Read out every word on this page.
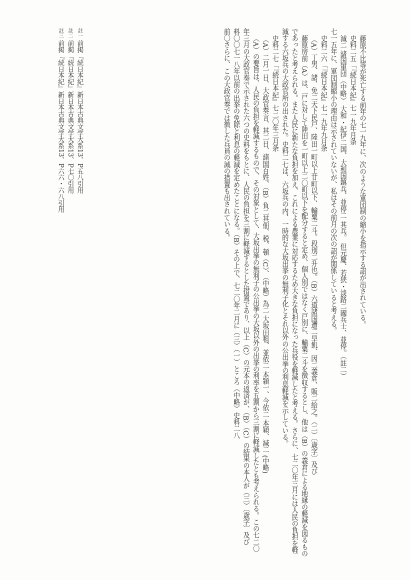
藤原不比等が死亡する前年の七一九年に、次のような軍団制の縮小を指示する詔が出されている。

史料二五「『続日本紀』七一九年月条

減二 諸国軍団（中略） 大和・紀伊二国、大和国鎮兵、並停二 其兵。 但元慶、若狭・淡路二國兵士、並停。（註二）

七一五年に、軍団制縮小の理由は示されていないが、私はその前月の次の詔が関係していると考える。

史料二六「『続日本紀』七一九年九月条

（A）丁男、諸、免二天下民戸、陸田一町以上廿町以下、輸粟二斗。段別二升也。（B）六道諸国遭二旱飢、因二義倉、販二給之。（二）〔歳字〕及び

藤原房前（A）は、戸に対して陸田を一町以上二〇町以下を配分すると定め、個人別ではなく戸別に、輸粟二斗を徴収するとし、他は（B）の義倉による地縁の軽減を図るものであったと考えられる。また人民に新たな負担を加え、これによる農業に対応するため大きな負担になった兵役を軽減したと考える。さらに、七二〇年三月には人民の負担を軽減する六坂兵の大政官所の出された。史料二七は、六坂兵の内、一時的な大坂出挙の無利子化とそれ以外の公出挙の利息軽減を示している。

史料二七「『続日本紀』七二〇年三月条

（A）二月一日、大政官奏言、其二日、諸国百姓、（B）負二其佃、税、頓（C）、（中略）為二 大坂田租、並依二 本穎一、今依二 本穎、減二 (中略)

（A）の要旨は、人民の負担を軽減するもので、その対象として、大坂出挙の無利子の公出挙の大坂以外の出挙の利率を五割から三割に軽減したとも考えられる。この七二〇年三月の大政官奏で示された六つの史料をもとに、人民の負担を三割に軽減するとした措置であり、以上（C）の元本の返済が、（B）（C）の結果の本人が（三）〔歳字〕及び

料〇〇七一八年以前の出挙の免除と利息の軽減を定めたことになる。（B）その上で、七二〇年二月に（三）（一）ところ（中略）史料二八

前〇さらに、この大政官奏では徴した兵員の減の措置も出されている。

註一 前掲『続日本紀』新日本古典文学大系13、P五八引用

註二 前掲『続日本紀』新日本古典文学大系13、P七〇引用

註三 前掲『続日本紀』新日本古典文学大系13、P六六・六八引用
